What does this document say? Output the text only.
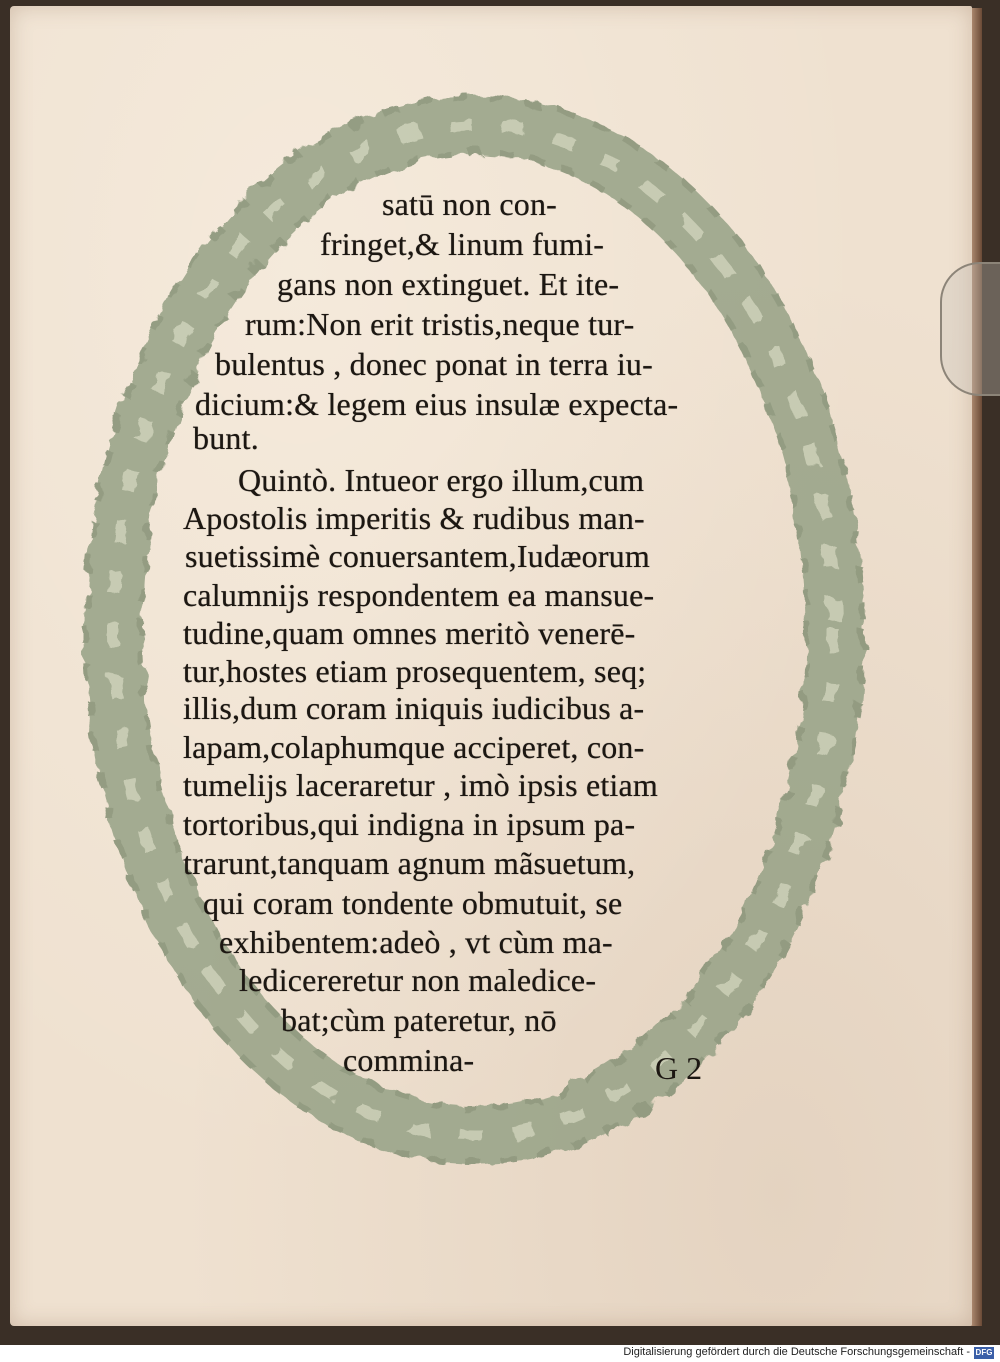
satū non con-
fringet,& linum fumi-
gans non extinguet. Et ite-
rum:Non erit tristis,neque tur-
bulentus , donec ponat in terra iu-
dicium:& legem eius insulæ expecta-
bunt.
Quintò. Intueor ergo illum,cum
Apostolis imperitis & rudibus man-
suetissimè conuersantem,Iudæorum
calumnijs respondentem ea mansue-
tudine,quam omnes meritò venerē-
tur,hostes etiam prosequentem, seq;
illis,dum coram iniquis iudicibus a-
lapam,colaphumque acciperet, con-
tumelijs laceraretur , imò ipsis etiam
tortoribus,qui indigna in ipsum pa-
trarunt,tanquam agnum mãsuetum,
qui coram tondente obmutuit, se
exhibentem:adeò , vt cùm ma-
ledicereretur non maledice-
bat;cùm pateretur, nō
commina-	G 2
Digitalisierung gefördert durch die Deutsche Forschungsgemeinschaft - DFG
